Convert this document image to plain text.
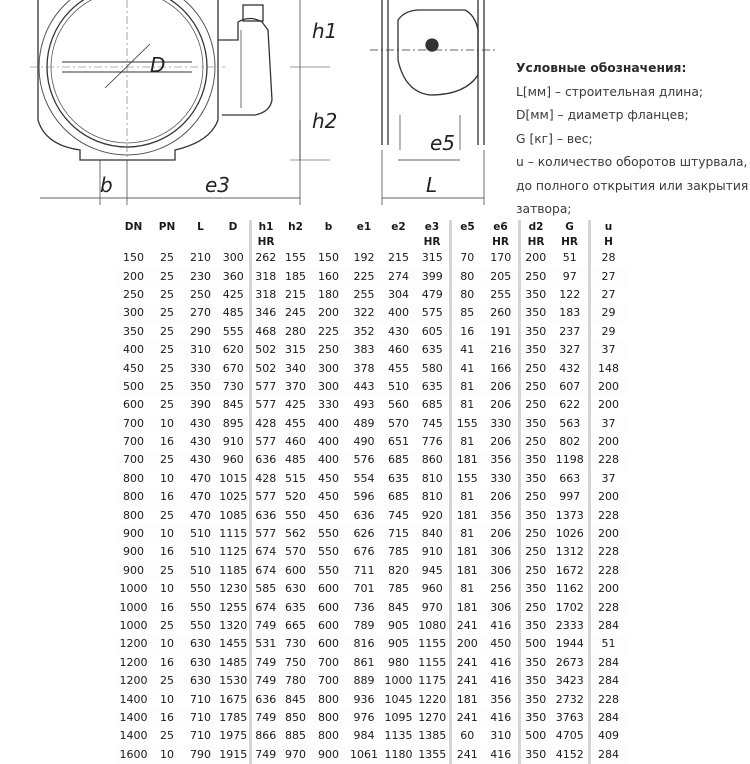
D
h1
h2
b	e3
e5
L
Условные обозначения:
L[мм] – строительная длина;
D[мм] – диаметр фланцев;
G [кг] – вес;
u – количество оборотов штурвала,
до полного открытия или закрытия
затвора;
DN	PN	L	D	h1	h2	b	e1	e2	e3	e5	e6	d2	G	u
				HR					HR		HR	HR	HR	H
150	25	210	300	262	155	150	192	215	315	70	170	200	51	28
200	25	230	360	318	185	160	225	274	399	80	205	250	97	27
250	25	250	425	318	215	180	255	304	479	80	255	350	122	27
300	25	270	485	346	245	200	322	400	575	85	260	350	183	29
350	25	290	555	468	280	225	352	430	605	16	191	350	237	29
400	25	310	620	502	315	250	383	460	635	41	216	350	327	37
450	25	330	670	502	340	300	378	455	580	41	166	250	432	148
500	25	350	730	577	370	300	443	510	635	81	206	250	607	200
600	25	390	845	577	425	330	493	560	685	81	206	250	622	200
700	10	430	895	428	455	400	489	570	745	155	330	350	563	37
700	16	430	910	577	460	400	490	651	776	81	206	250	802	200
700	25	430	960	636	485	400	576	685	860	181	356	350	1198	228
800	10	470	1015	428	515	450	554	635	810	155	330	350	663	37
800	16	470	1025	577	520	450	596	685	810	81	206	250	997	200
800	25	470	1085	636	550	450	636	745	920	181	356	350	1373	228
900	10	510	1115	577	562	550	626	715	840	81	206	250	1026	200
900	16	510	1125	674	570	550	676	785	910	181	306	250	1312	228
900	25	510	1185	674	600	550	711	820	945	181	306	250	1672	228
1000	10	550	1230	585	630	600	701	785	960	81	256	350	1162	200
1000	16	550	1255	674	635	600	736	845	970	181	306	250	1702	228
1000	25	550	1320	749	665	600	789	905	1080	241	416	350	2333	284
1200	10	630	1455	531	730	600	816	905	1155	200	450	500	1944	51
1200	16	630	1485	749	750	700	861	980	1155	241	416	350	2673	284
1200	25	630	1530	749	780	700	889	1000	1175	241	416	350	3423	284
1400	10	710	1675	636	845	800	936	1045	1220	181	356	350	2732	228
1400	16	710	1785	749	850	800	976	1095	1270	241	416	350	3763	284
1400	25	710	1975	866	885	800	984	1135	1385	60	310	500	4705	409
1600	10	790	1915	749	970	900	1061	1180	1355	241	416	350	4152	284
